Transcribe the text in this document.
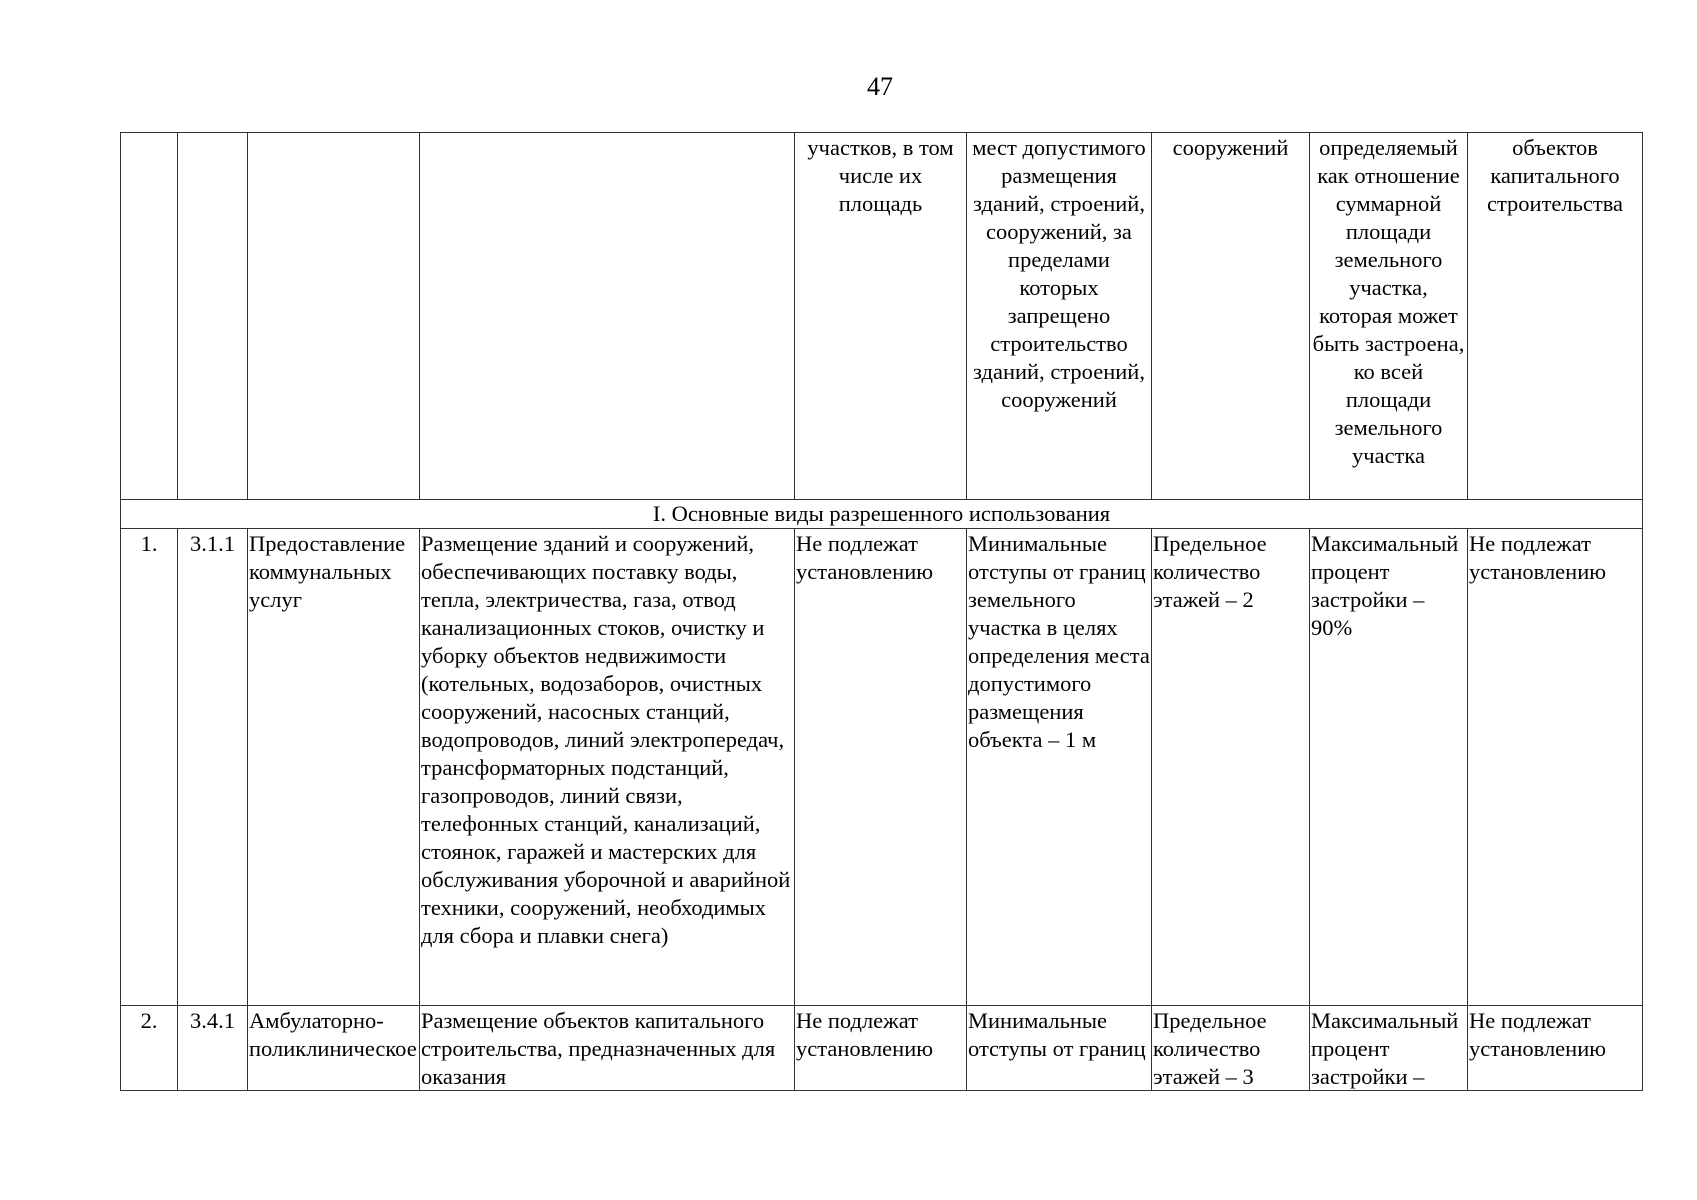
47
				участков, в том числе их площадь	мест допустимого размещения зданий, строений, сооружений, за пределами которых запрещено строительство зданий, строений, сооружений	сооружений	определяемый как отношение суммарной площади земельного участка, которая может быть застроена, ко всей площади земельного участка	объектов капитального строительства
I. Основные виды разрешенного использования								
1.	3.1.1	Предоставление коммунальных услуг	Размещение зданий и сооружений, обеспечивающих поставку воды, тепла, электричества, газа, отвод канализационных стоков, очистку и уборку объектов недвижимости (котельных, водозаборов, очистных сооружений, насосных станций, водопроводов, линий электропередач, трансформаторных подстанций, газопроводов, линий связи, телефонных станций, канализаций, стоянок, гаражей и мастерских для обслуживания уборочной и аварийной техники, сооружений, необходимых для сбора и плавки снега)	Не подлежат установлению	Минимальные отступы от границ земельного участка в целях определения места допустимого размещения объекта – 1 м	Предельное количество этажей – 2	Максимальный процент застройки – 90%	Не подлежат установлению

2.	3.4.1	Амбулаторно-поликлиническое	Размещение объектов капитального строительства, предназначенных для оказания	Не подлежат установлению	Минимальные отступы от границ	Предельное количество этажей – 3	Максимальный процент застройки –	Не подлежат установлению
